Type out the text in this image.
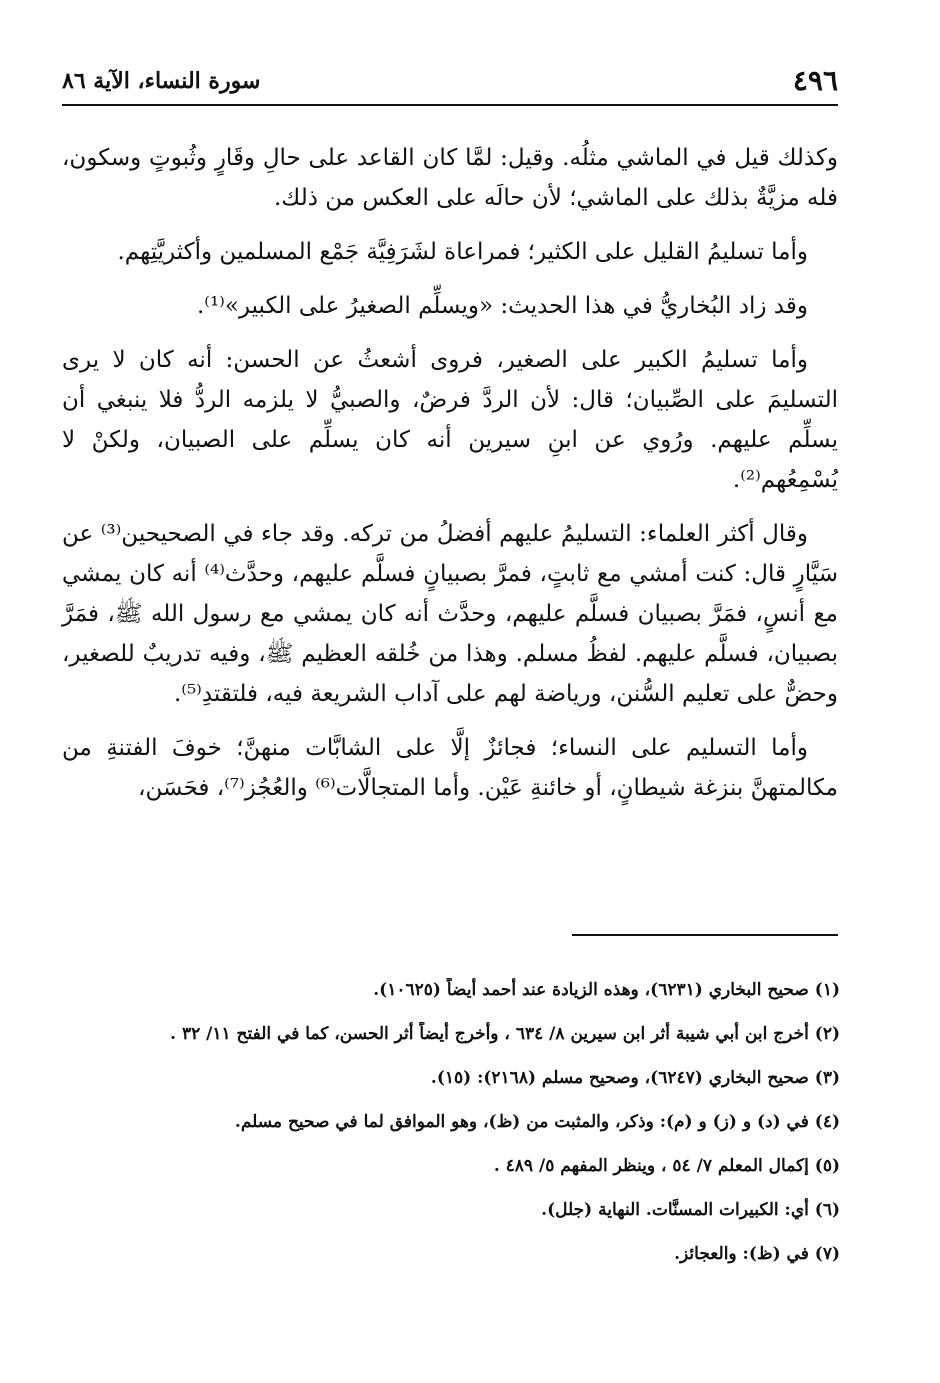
٤٩٦
سورة النساء، الآية ٨٦

وكذلك قيل في الماشي مثلُه. وقيل: لمَّا كان القاعد على حالِ وقَارٍ وثُبوتٍ وسكون، فله مزيَّةٌ بذلك على الماشي؛ لأن حالَه على العكس من ذلك.

وأما تسليمُ القليل على الكثير؛ فمراعاة لشَرَفِيَّة جَمْع المسلمين وأكثريَّتِهم.

وقد زاد البُخاريُّ في هذا الحديث: «ويسلِّم الصغيرُ على الكبير»⁽¹⁾.

وأما تسليمُ الكبير على الصغير، فروى أشعثُ عن الحسن: أنه كان لا يرى التسليمَ على الصِّبيان؛ قال: لأن الردَّ فرضٌ، والصبيُّ لا يلزمه الردُّ فلا ينبغي أن يسلِّم عليهم. ورُوي عن ابنِ سيرين أنه كان يسلِّم على الصبيان، ولكنْ لا يُسْمِعُهم⁽²⁾.

وقال أكثر العلماء: التسليمُ عليهم أفضلُ من تركه. وقد جاء في الصحيحين⁽³⁾ عن سَيَّارٍ قال: كنت أمشي مع ثابتٍ، فمرَّ بصبيانٍ فسلَّم عليهم، وحدَّث⁽⁴⁾ أنه كان يمشي مع أنسٍ، فمَرَّ بصبيان فسلَّم عليهم، وحدَّث أنه كان يمشي مع رسول الله ﷺ، فمَرَّ بصبيان، فسلَّم عليهم. لفظُ مسلم. وهذا من خُلقه العظيم ﷺ، وفيه تدريبٌ للصغير، وحضٌّ على تعليم السُّنن، ورياضة لهم على آداب الشريعة فيه، فلتقتدِ⁽⁵⁾.

وأما التسليم على النساء؛ فجائزٌ إلَّا على الشابَّات منهنَّ؛ خوفَ الفتنةِ من مكالمتهنَّ بنزغة شيطانٍ، أو خائنةِ عَيْن. وأما المتجالَّات⁽⁶⁾ والعُجُز⁽⁷⁾، فحَسَن،

(١) صحيح البخاري (٦٢٣١)، وهذه الزيادة عند أحمد أيضاً (١٠٦٢٥).
(٢) أخرج ابن أبي شيبة أثر ابن سيرين ٨/ ٦٣٤ ، وأخرج أيضاً أثر الحسن، كما في الفتح ١١/ ٣٢ .
(٣) صحيح البخاري (٦٢٤٧)، وصحيح مسلم (٢١٦٨): (١٥).
(٤) في (د) و (ز) و (م): وذكر، والمثبت من (ظ)، وهو الموافق لما في صحيح مسلم.
(٥) إكمال المعلم ٧/ ٥٤ ، وينظر المفهم ٥/ ٤٨٩ .
(٦) أي: الكبيرات المسنَّات. النهاية (جلل).
(٧) في (ظ): والعجائز.
